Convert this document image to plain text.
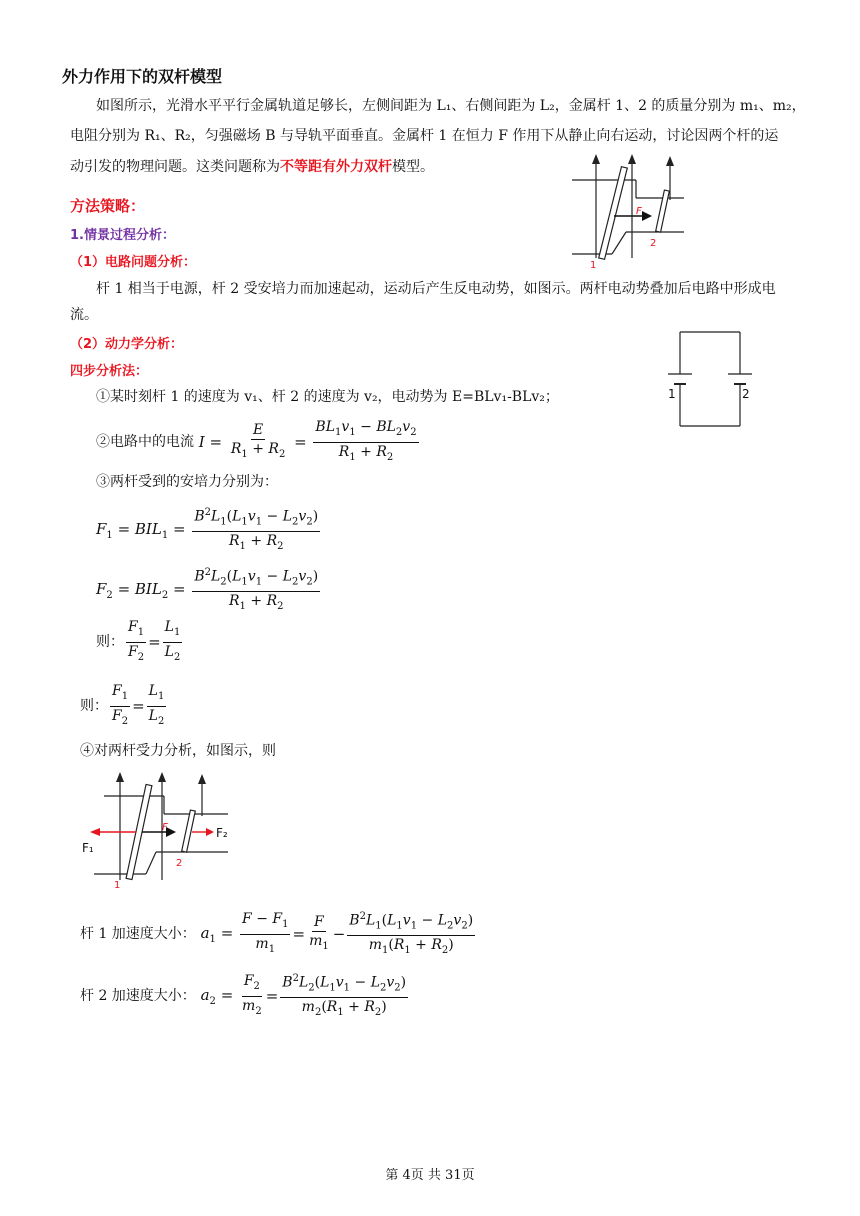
外力作用下的双杆模型
如图所示，光滑水平平行金属轨道足够长，左侧间距为 L₁、右侧间距为 L₂，金属杆 1、2 的质量分别为 m₁、m₂，
电阻分别为 R₁、R₂，匀强磁场 B 与导轨平面垂直。金属杆 1 在恒力 F 作用下从静止向右运动，讨论因两个杆的运
动引发的物理问题。这类问题称为不等距有外力双杆模型。
F
1
2
方法策略：
1.情景过程分析：
（1）电路问题分析：
杆 1 相当于电源，杆 2 受安培力而加速起动，运动后产生反电动势，如图示。两杆电动势叠加后电路中形成电
流。
1	2
（2）动力学分析：
四步分析法：
①某时刻杆 1 的速度为 v₁、杆 2 的速度为 v₂，电动势为 E=BLv₁-BLv₂；
②电路中的电流 $I = \frac{E}{R_1 + R_2} = \frac{BL_1v_1 - BL_2v_2}{R_1 + R_2}$
③两杆受到的安培力分别为：
$F_1 = BIL_1 = \frac{B^2L_1(L_1v_1 - L_2v_2)}{R_1 + R_2}$
$F_2 = BIL_2 = \frac{B^2L_2(L_1v_1 - L_2v_2)}{R_1 + R_2}$
则： $\frac{F_1}{F_2} = \frac{L_1}{L_2}$
则： $\frac{F_1}{F_2} = \frac{L_1}{L_2}$
④对两杆受力分析，如图示，则
F
F₁
F₂
1
2
杆 1 加速度大小： $a_1 = \frac{F - F_1}{m_1} = \frac{F}{m_1} - \frac{B^2L_1(L_1v_1 - L_2v_2)}{m_1(R_1 + R_2)}$
杆 2 加速度大小： $a_2 = \frac{F_2}{m_2} = \frac{B^2L_2(L_1v_1 - L_2v_2)}{m_2(R_1 + R_2)}$
第 4页 共 31页
